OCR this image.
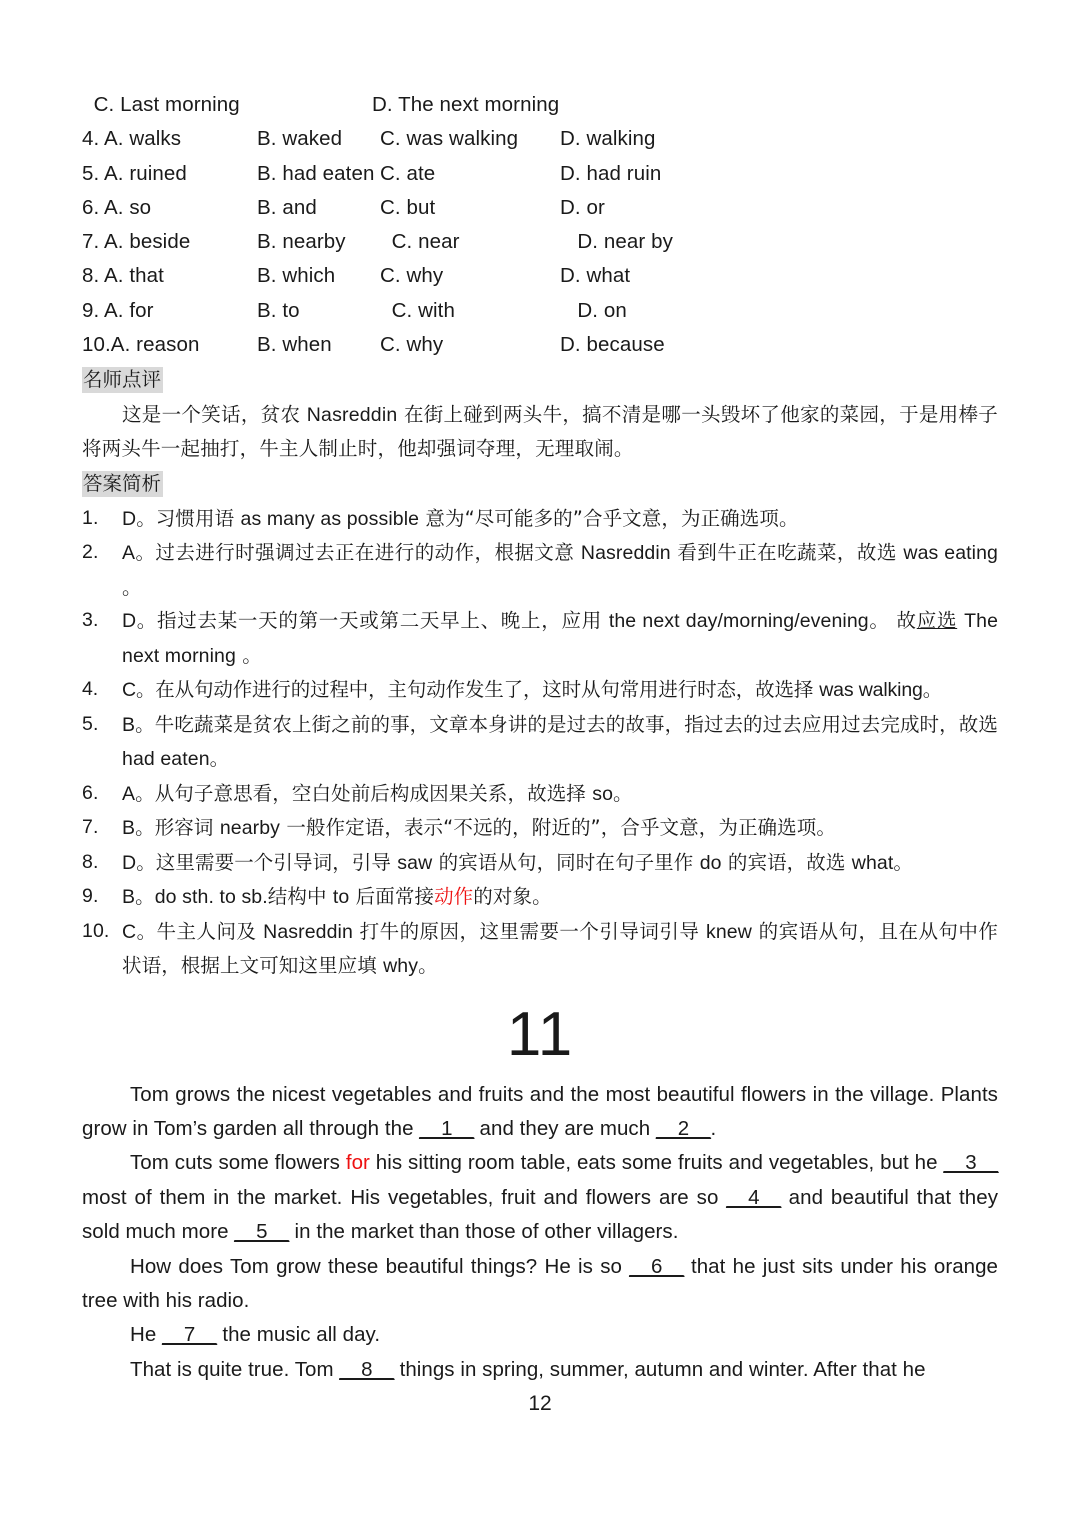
C. Last morning	D. The next morning
4. A. walks	B. waked C. was walking D. walking
5. A. ruined	B. had eaten C. ate	D. had ruin
6. A. so	B. and	C. but	D. or
7. A. beside	B. nearby  C. near	D. near by
8. A. that	B. which C. why	D. what
9. A. for	B. to	C. with	D. on
10.A. reason	B. when C. why	D. because
名师点评
这是一个笑话，贫农 Nasreddin 在街上碰到两头牛，搞不清是哪一头毁坏了他家的菜园，于是用棒子将两头牛一起抽打，牛主人制止时，他却强词夺理，无理取闹。
答案简析
1.	D。习惯用语 as many as possible 意为“尽可能多的”合乎文意，为正确选项。
2.	A。过去进行时强调过去正在进行的动作，根据文意 Nasreddin 看到牛正在吃蔬菜，故选 was eating 。
3.	D。指过去某一天的第一天或第二天早上、晚上，应用 the next day/morning/evening。 故应选 The next morning 。
4.	C。在从句动作进行的过程中，主句动作发生了，这时从句常用进行时态，故选择 was walking。
5.	B。牛吃蔬菜是贫农上街之前的事，文章本身讲的是过去的故事，指过去的过去应用过去完成时，故选 had eaten。
6.	A。从句子意思看，空白处前后构成因果关系，故选择 so。
7.	B。形容词 nearby 一般作定语，表示“不远的，附近的”，合乎文意，为正确选项。
8.	D。这里需要一个引导词，引导 saw 的宾语从句，同时在句子里作 do 的宾语，故选 what。
9.	B。do sth. to sb.结构中 to 后面常接动作的对象。
10. C。牛主人问及 Nasreddin 打牛的原因，这里需要一个引导词引导 knew 的宾语从句，且在从句中作状语，根据上文可知这里应填 why。
11
Tom grows the nicest vegetables and fruits and the most beautiful flowers in the village. Plants grow in Tom’s garden all through the __1__ and they are much __2__.
Tom cuts some flowers for his sitting room table, eats some fruits and vegetables, but he __3__ most of them in the market. His vegetables, fruit and flowers are so __4__ and beautiful that they sold much more __5__ in the market than those of other villagers.
How does Tom grow these beautiful things? He is so __6__ that he just sits under his orange tree with his radio.
He __7__ the music all day.
That is quite true. Tom __8__ things in spring, summer, autumn and winter. After that he
12
